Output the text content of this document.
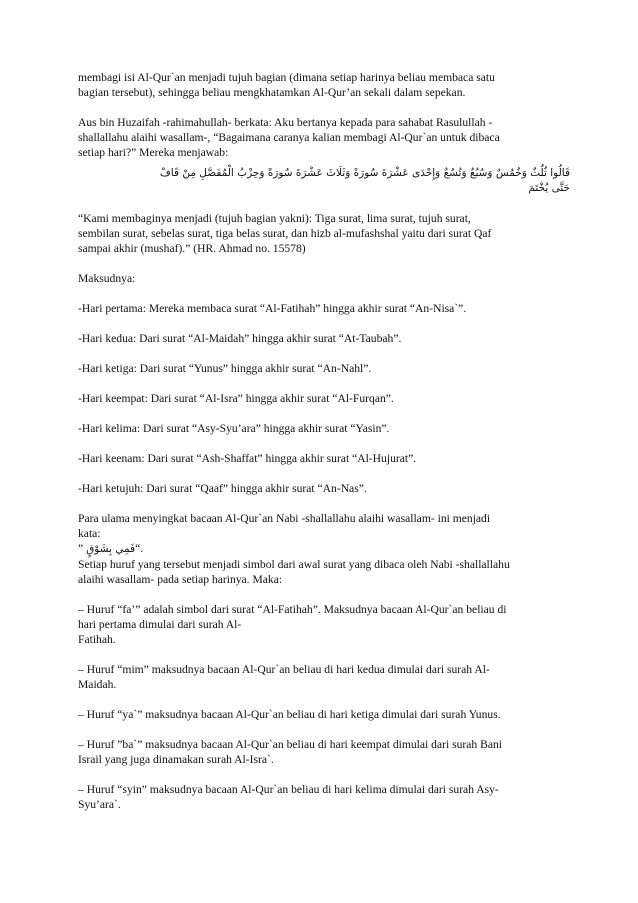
membagi isi Al-Qur`an menjadi tujuh bagian (dimana setiap harinya beliau membaca satu
bagian tersebut), sehingga beliau mengkhatamkan Al-Qur’an sekali dalam sepekan.
Aus bin Huzaifah -rahimahullah- berkata: Aku bertanya kepada para sahabat Rasulullah -
shallallahu alaihi wasallam-, “Bagaimana caranya kalian membagi Al-Qur`an untuk dibaca
setiap hari?” Mereka menjawab:
قَالُوا ثُلُثٌ وَخُمُسٌ وَسُبُعٌ وَتُسُعٌ وَإِحْدَى عَشْرَةَ سُورَةً وَثَلَاثَ عَشْرَةَ سُورَةً وَحِزْبُ الْمُفَصَّلِ مِنْ قَافْ
حَتَّى يُخْتَمَ
“Kami membaginya menjadi (tujuh bagian yakni): Tiga surat, lima surat, tujuh surat,
sembilan surat, sebelas surat, tiga belas surat, dan hizb al-mufashshal yaitu dari surat Qaf
sampai akhir (mushaf).” (HR. Ahmad no. 15578)
Maksudnya:
-Hari pertama: Mereka membaca surat “Al-Fatihah” hingga akhir surat “An-Nisa`”.
-Hari kedua: Dari surat “Al-Maidah” hingga akhir surat “At-Taubah”.
-Hari ketiga: Dari surat “Yunus” hingga akhir surat “An-Nahl”.
-Hari keempat: Dari surat “Al-Isra” hingga akhir surat “Al-Furqan”.
-Hari kelima: Dari surat “Asy-Syu’ara” hingga akhir surat “Yasin”.
-Hari keenam: Dari surat “Ash-Shaffat” hingga akhir surat “Al-Hujurat”.
-Hari ketujuh: Dari surat “Qaaf” hingga akhir surat “An-Nas”.
Para ulama menyingkat bacaan Al-Qur`an Nabi -shallallahu alaihi wasallam- ini menjadi
kata:
” فَمِي بِشَوْقٍ“.
Setiap huruf yang tersebut menjadi simbol dari awal surat yang dibaca oleh Nabi -shallallahu
alaihi wasallam- pada setiap harinya. Maka:
– Huruf “fa’” adalah simbol dari surat “Al-Fatihah”. Maksudnya bacaan Al-Qur`an beliau di
hari pertama dimulai dari surah Al-
Fatihah.
– Huruf “mim” maksudnya bacaan Al-Qur`an beliau di hari kedua dimulai dari surah Al-
Maidah.
– Huruf “ya`” maksudnya bacaan Al-Qur`an beliau di hari ketiga dimulai dari surah Yunus.
– Huruf ”ba`” maksudnya bacaan Al-Qur`an beliau di hari keempat dimulai dari surah Bani
Israil yang juga dinamakan surah Al-Isra`.
– Huruf “syin” maksudnya bacaan Al-Qur`an beliau di hari kelima dimulai dari surah Asy-
Syu’ara`.
